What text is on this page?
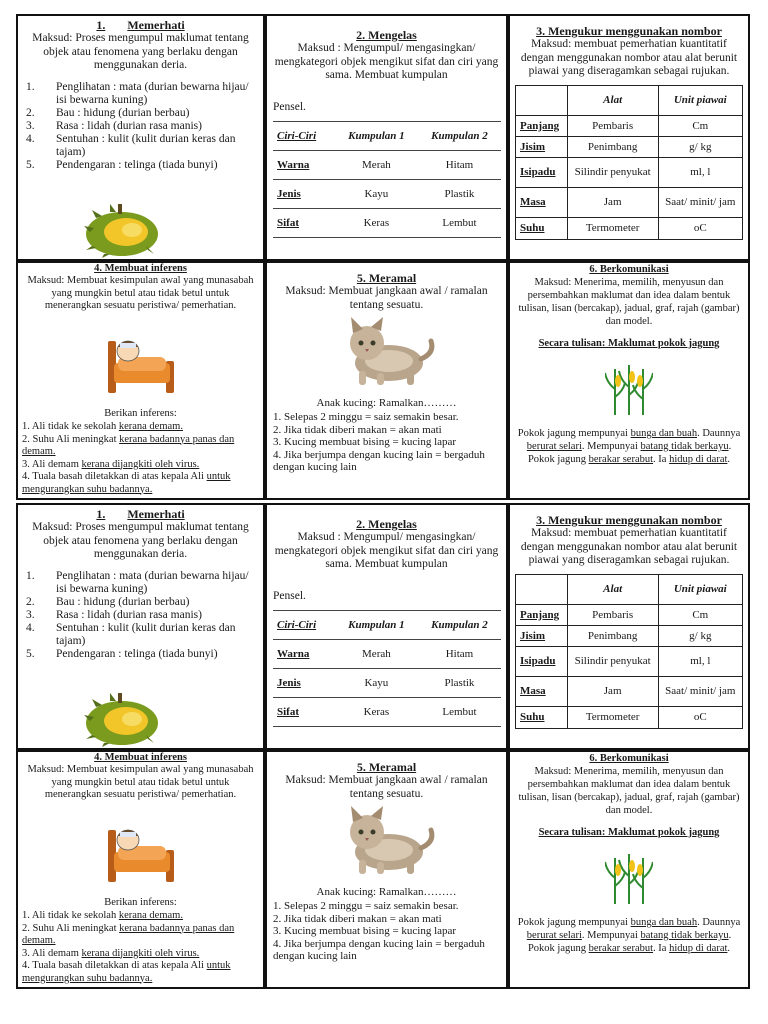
1. Memerhati
Maksud: Proses mengumpul maklumat tentang objek atau fenomena yang berlaku dengan menggunakan deria.
1.	Penglihatan : mata (durian bewarna hijau/ isi bewarna kuning)
2.	Bau : hidung (durian berbau)
3.	Rasa : lidah (durian rasa manis)
4.	Sentuhan : kulit (kulit durian keras dan tajam)
5.	Pendengaran : telinga (tiada bunyi)
2. Mengelas
Maksud : Mengumpul/ mengasingkan/ mengkategori objek mengikut sifat dan ciri yang sama. Membuat kumpulan
Pensel.
Ciri-Ciri	Kumpulan 1	Kumpulan 2
Warna	Merah	Hitam
Jenis	Kayu	Plastik
Sifat	Keras	Lembut
3. Mengukur menggunakan nombor
Maksud: membuat pemerhatian kuantitatif dengan menggunakan nombor atau alat berunit piawai yang diseragamkan sebagai rujukan.
	Alat	Unit piawai
Panjang	Pembaris	Cm
Jisim	Penimbang	g/ kg
Isipadu	Silindir penyukat	ml, l
Masa	Jam	Saat/ minit/ jam
Suhu	Termometer	oC
4. Membuat inferens
Maksud: Membuat kesimpulan awal yang munasabah yang mungkin betul atau tidak betul untuk menerangkan sesuatu peristiwa/ pemerhatian.
Berikan inferens:
1. Ali tidak ke sekolah kerana demam.
2. Suhu Ali meningkat kerana badannya panas dan demam.
3. Ali demam kerana dijangkiti oleh virus.
4. Tuala basah diletakkan di atas kepala Ali untuk mengurangkan suhu badannya.
5. Meramal
Maksud: Membuat jangkaan awal / ramalan tentang sesuatu.
Anak kucing: Ramalkan………
1. Selepas 2 minggu = saiz semakin besar.
2. Jika tidak diberi makan = akan mati
3. Kucing membuat bising = kucing lapar
4. Jika berjumpa dengan kucing lain = bergaduh dengan kucing lain
6. Berkomunikasi
Maksud: Menerima, memilih, menyusun dan persembahkan maklumat dan idea dalam bentuk tulisan, lisan (bercakap), jadual, graf, rajah (gambar) dan model.
Secara tulisan: Maklumat pokok jagung
Pokok jagung mempunyai bunga dan buah. Daunnya berurat selari. Mempunyai batang tidak berkayu. Pokok jagung berakar serabut. Ia hidup di darat.
1. Memerhati
Maksud: Proses mengumpul maklumat tentang objek atau fenomena yang berlaku dengan menggunakan deria.
1.	Penglihatan : mata (durian bewarna hijau/ isi bewarna kuning)
2.	Bau : hidung (durian berbau)
3.	Rasa : lidah (durian rasa manis)
4.	Sentuhan : kulit (kulit durian keras dan tajam)
5.	Pendengaran : telinga (tiada bunyi)
2. Mengelas
Maksud : Mengumpul/ mengasingkan/ mengkategori objek mengikut sifat dan ciri yang sama. Membuat kumpulan
Pensel.
Ciri-Ciri	Kumpulan 1	Kumpulan 2
Warna	Merah	Hitam
Jenis	Kayu	Plastik
Sifat	Keras	Lembut
3. Mengukur menggunakan nombor
Maksud: membuat pemerhatian kuantitatif dengan menggunakan nombor atau alat berunit piawai yang diseragamkan sebagai rujukan.
	Alat	Unit piawai
Panjang	Pembaris	Cm
Jisim	Penimbang	g/ kg
Isipadu	Silindir penyukat	ml, l
Masa	Jam	Saat/ minit/ jam
Suhu	Termometer	oC
4. Membuat inferens
Maksud: Membuat kesimpulan awal yang munasabah yang mungkin betul atau tidak betul untuk menerangkan sesuatu peristiwa/ pemerhatian.
Berikan inferens:
1. Ali tidak ke sekolah kerana demam.
2. Suhu Ali meningkat kerana badannya panas dan demam.
3. Ali demam kerana dijangkiti oleh virus.
4. Tuala basah diletakkan di atas kepala Ali untuk mengurangkan suhu badannya.
5. Meramal
Maksud: Membuat jangkaan awal / ramalan tentang sesuatu.
Anak kucing: Ramalkan………
1. Selepas 2 minggu = saiz semakin besar.
2. Jika tidak diberi makan = akan mati
3. Kucing membuat bising = kucing lapar
4. Jika berjumpa dengan kucing lain = bergaduh dengan kucing lain
6. Berkomunikasi
Maksud: Menerima, memilih, menyusun dan persembahkan maklumat dan idea dalam bentuk tulisan, lisan (bercakap), jadual, graf, rajah (gambar) dan model.
Secara tulisan: Maklumat pokok jagung
Pokok jagung mempunyai bunga dan buah. Daunnya berurat selari. Mempunyai batang tidak berkayu. Pokok jagung berakar serabut. Ia hidup di darat.
